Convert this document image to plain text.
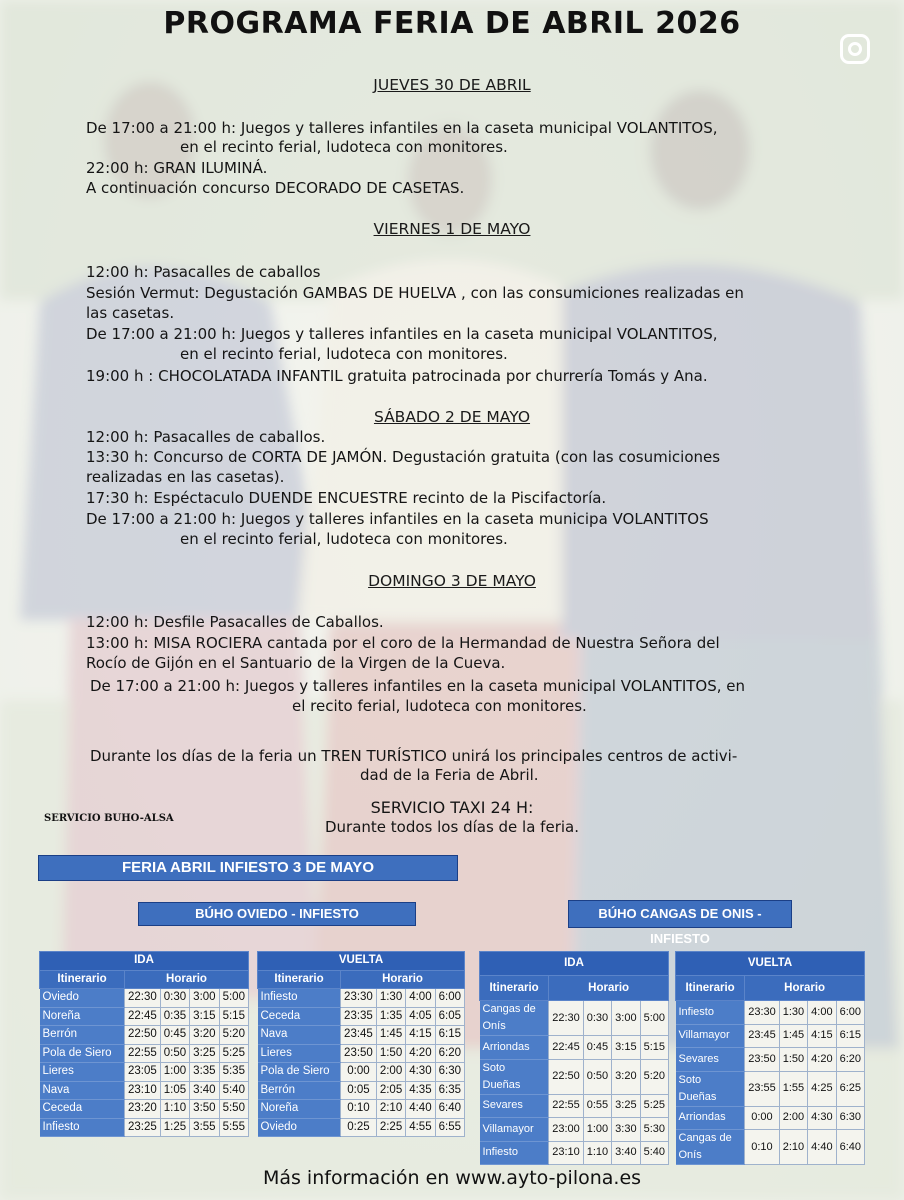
PROGRAMA FERIA DE ABRIL 2026
JUEVES 30 DE ABRIL
De 17:00 a 21:00 h: Juegos y talleres infantiles en la caseta municipal VOLANTITOS,
en el recinto ferial, ludoteca con monitores.
22:00 h: GRAN ILUMINÁ.
A continuación concurso DECORADO DE CASETAS.
VIERNES 1 DE MAYO
12:00 h: Pasacalles de caballos
Sesión Vermut: Degustación GAMBAS DE HUELVA , con las consumiciones realizadas en
las casetas.
De 17:00 a 21:00 h: Juegos y talleres infantiles en la caseta municipal VOLANTITOS,
en el recinto ferial, ludoteca con monitores.
19:00 h : CHOCOLATADA INFANTIL gratuita patrocinada por churrería Tomás y Ana.
SÁBADO 2 DE MAYO
12:00 h: Pasacalles de caballos.
13:30 h: Concurso de CORTA DE JAMÓN. Degustación gratuita (con las cosumiciones
realizadas en las casetas).
17:30 h: Espéctaculo DUENDE ENCUESTRE recinto de la Piscifactoría.
De 17:00 a 21:00 h: Juegos y talleres infantiles en la caseta municipa VOLANTITOS
en el recinto ferial, ludoteca con monitores.
DOMINGO 3 DE MAYO
12:00 h: Desfile Pasacalles de Caballos.
13:00 h: MISA ROCIERA cantada por el coro de la Hermandad de Nuestra Señora del
Rocío de Gijón en el Santuario de la Virgen de la Cueva.
De 17:00 a 21:00 h: Juegos y talleres infantiles en la caseta municipal VOLANTITOS, en
el recito ferial, ludoteca con monitores.
Durante los días de la feria un TREN TURÍSTICO unirá los principales centros de activi-
dad de la Feria de Abril.
SERVICIO TAXI 24 H:
Durante todos los días de la feria.
SERVICIO BUHO-ALSA
FERIA ABRIL INFIESTO 3 DE MAYO
BÚHO OVIEDO - INFIESTO	BÚHO CANGAS DE ONIS - INFIESTO
IDA				
Itinerario	Horario			
Oviedo	22:30	0:30	3:00	5:00
Noreña	22:45	0:35	3:15	5:15
Berrón	22:50	0:45	3:20	5:20
Pola de Siero	22:55	0:50	3:25	5:25
Lieres	23:05	1:00	3:35	5:35
Nava	23:10	1:05	3:40	5:40
Ceceda	23:20	1:10	3:50	5:50
Infiesto	23:25	1:25	3:55	5:55
VUELTA				
Itinerario	Horario			
Infiesto	23:30	1:30	4:00	6:00
Ceceda	23:35	1:35	4:05	6:05
Nava	23:45	1:45	4:15	6:15
Lieres	23:50	1:50	4:20	6:20
Pola de Siero	0:00	2:00	4:30	6:30
Berrón	0:05	2:05	4:35	6:35
Noreña	0:10	2:10	4:40	6:40
Oviedo	0:25	2:25	4:55	6:55
IDA				
Itinerario	Horario			
Cangas de Onís	22:30	0:30	3:00	5:00
Arriondas	22:45	0:45	3:15	5:15
Soto Dueñas	22:50	0:50	3:20	5:20
Sevares	22:55	0:55	3:25	5:25
Villamayor	23:00	1:00	3:30	5:30
Infiesto	23:10	1:10	3:40	5:40
VUELTA				
Itinerario	Horario			
Infiesto	23:30	1:30	4:00	6:00
Villamayor	23:45	1:45	4:15	6:15
Sevares	23:50	1:50	4:20	6:20
Soto Dueñas	23:55	1:55	4:25	6:25
Arriondas	0:00	2:00	4:30	6:30
Cangas de Onís	0:10	2:10	4:40	6:40
Más información en www.ayto-pilona.es
